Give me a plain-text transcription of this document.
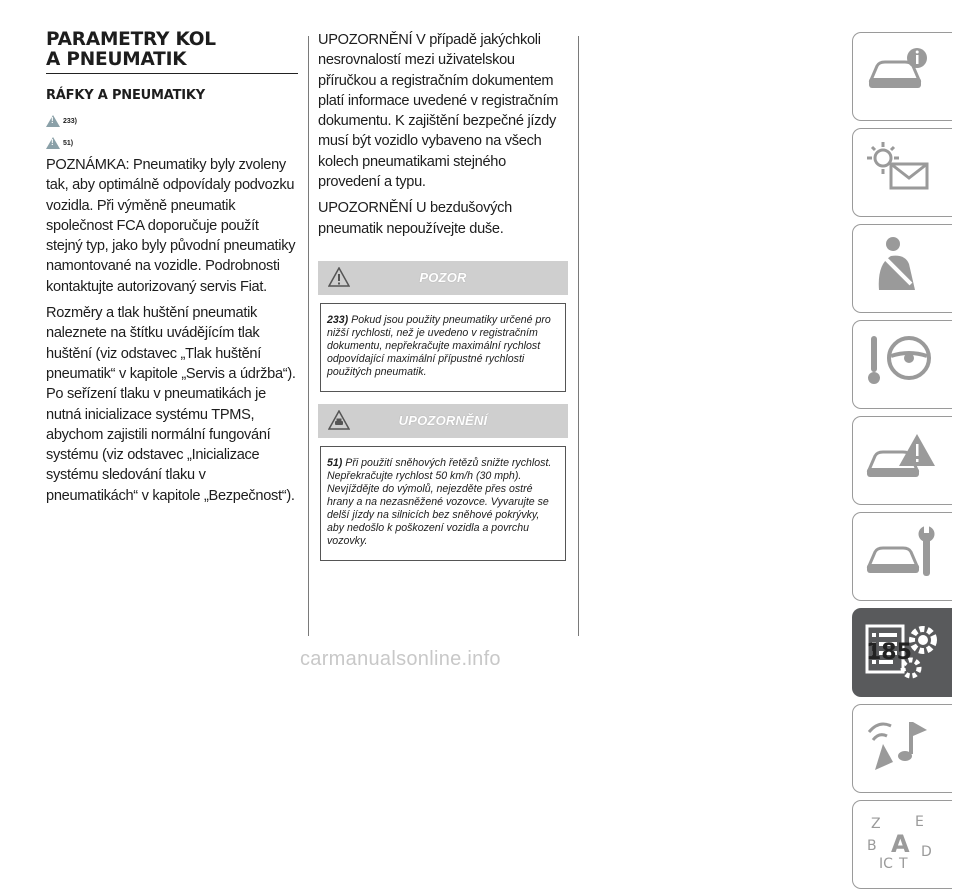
PARAMETRY KOL
A PNEUMATIK
RÁFKY A PNEUMATIKY
!
233)
!
51)

POZNÁMKA: Pneumatiky byly zvoleny tak, aby optimálně odpovídaly podvozku vozidla. Při výměně pneumatik společnost FCA doporučuje použít stejný typ, jako byly původní pneumatiky namontované na vozidle. Podrobnosti kontaktujte autorizovaný servis Fiat.

Rozměry a tlak huštění pneumatik naleznete na štítku uvádějícím tlak huštění (viz odstavec „Tlak huštění pneumatik“ v kapitole „Servis a údržba“). Po seřízení tlaku v pneumatikách je nutná inicializace systému TPMS, abychom zajistili normální fungování systému (viz odstavec „Inicializace systému sledování tlaku v pneumatikách“ v kapitole „Bezpečnost“).

UPOZORNĚNÍ V případě jakýchkoli nesrovnalostí mezi uživatelskou příručkou a registračním dokumentem platí informace uvedené v registračním dokumentu. K zajištění bezpečné jízdy musí být vozidlo vybaveno na všech kolech pneumatikami stejného provedení a typu.

UPOZORNĚNÍ U bezdušových pneumatik nepoužívejte duše.

POZOR
233) Pokud jsou použity pneumatiky určené pro nižší rychlosti, než je uvedeno v registračním dokumentu, nepřekračujte maximální rychlost odpovídající maximální přípustné rychlosti použitých pneumatik.
UPOZORNĚNÍ
51) Při použití sněhových řetězů snižte rychlost. Nepřekračujte rychlost 50 km/h (30 mph). Nevjíždějte do výmolů, nejezděte přes ostré hrany a na nezasněžené vozovce. Vyvarujte se delší jízdy na silnicích bez sněhové pokrývky, aby nedošlo k poškození vozidla a povrchu vozovky.
Z E
B A D
IC T
185
carmanualsonline.info
